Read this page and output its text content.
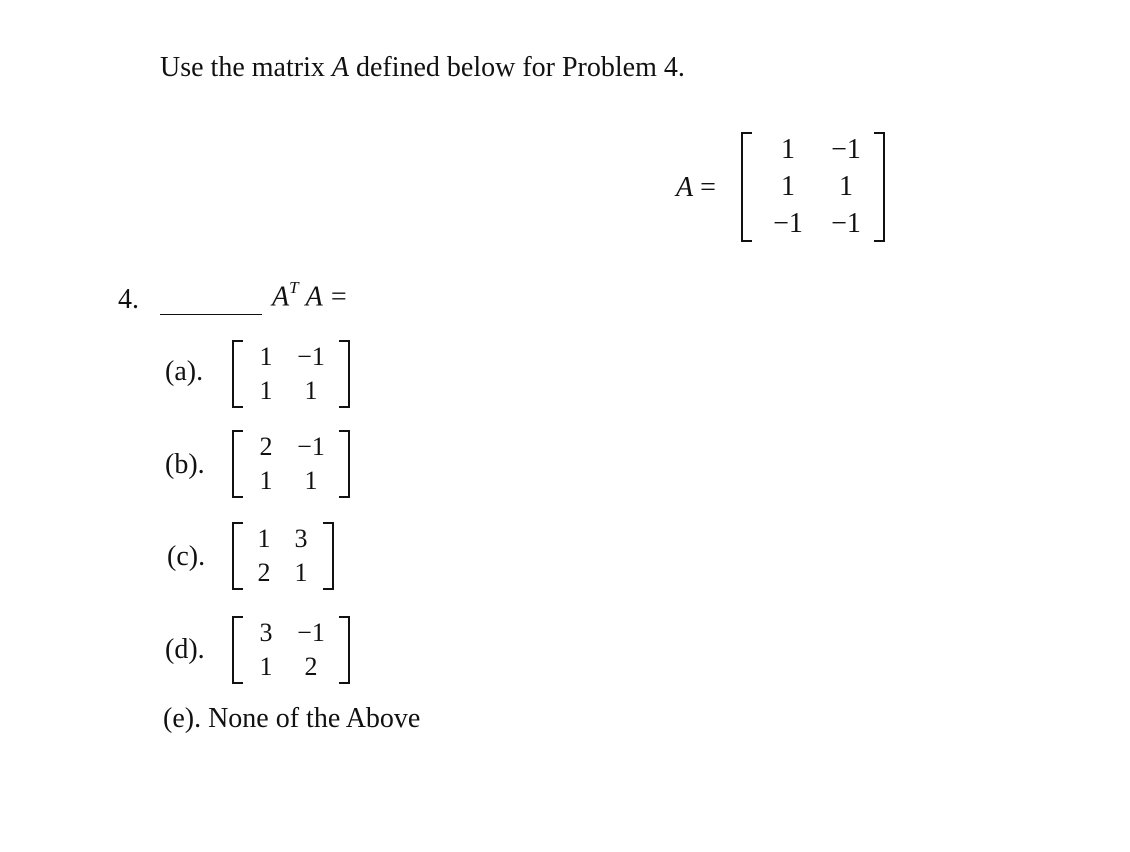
Use the matrix A defined below for Problem 4.
A =
1 −1
1 1
−1 −1
4.	$A^T$ A =
(a). 1 −1
1 1
(b).
2 −1
1 1
(c).
1 3
2 1
(d).
3 −1
1 2
(e). None of the Above
